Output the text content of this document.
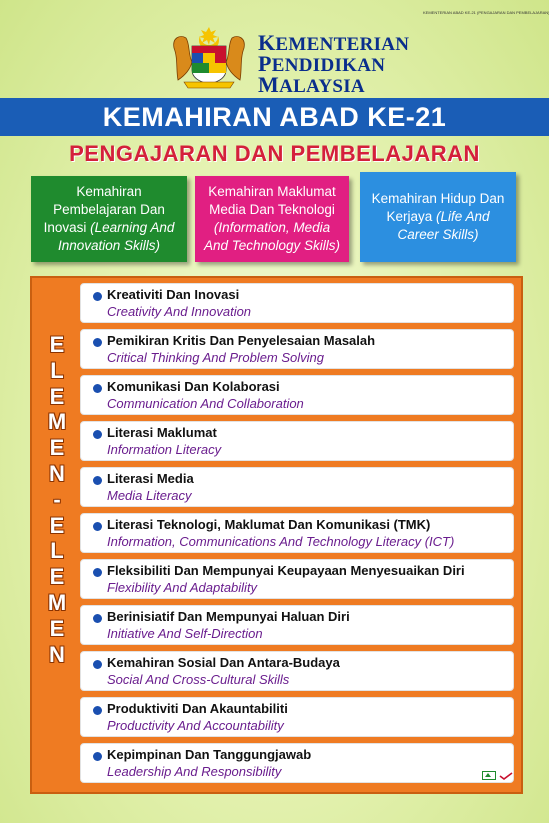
KEMENTERIAN
PENDIDIKAN
MALAYSIA
KEMENTERIAN ABAD KE-21 (PENGAJARAN DAN PEMBELAJARAN)
KEMAHIRAN ABAD KE-21
PENGAJARAN DAN PEMBELAJARAN
Kemahiran Pembelajaran Dan Inovasi (Learning And Innovation Skills)
Kemahiran Maklumat Media Dan Teknologi (Information, Media And Technology Skills)
Kemahiran Hidup Dan Kerjaya (Life And Career Skills)
E
L
E
M
E
N
-
E
L
E
M
E
N
Kreativiti Dan Inovasi
Creativity And Innovation
Pemikiran Kritis Dan Penyelesaian Masalah
Critical Thinking And Problem Solving
Komunikasi Dan Kolaborasi
Communication And Collaboration
Literasi Maklumat
Information Literacy
Literasi Media
Media Literacy
Literasi Teknologi, Maklumat Dan Komunikasi (TMK)
Information, Communications And Technology Literacy (ICT)
Fleksibiliti Dan Mempunyai Keupayaan Menyesuaikan Diri
Flexibility And Adaptability
Berinisiatif Dan Mempunyai Haluan Diri
Initiative And Self-Direction
Kemahiran Sosial Dan Antara-Budaya
Social And Cross-Cultural Skills
Produktiviti Dan Akauntabiliti
Productivity And Accountability
Kepimpinan Dan Tanggungjawab
Leadership And Responsibility
